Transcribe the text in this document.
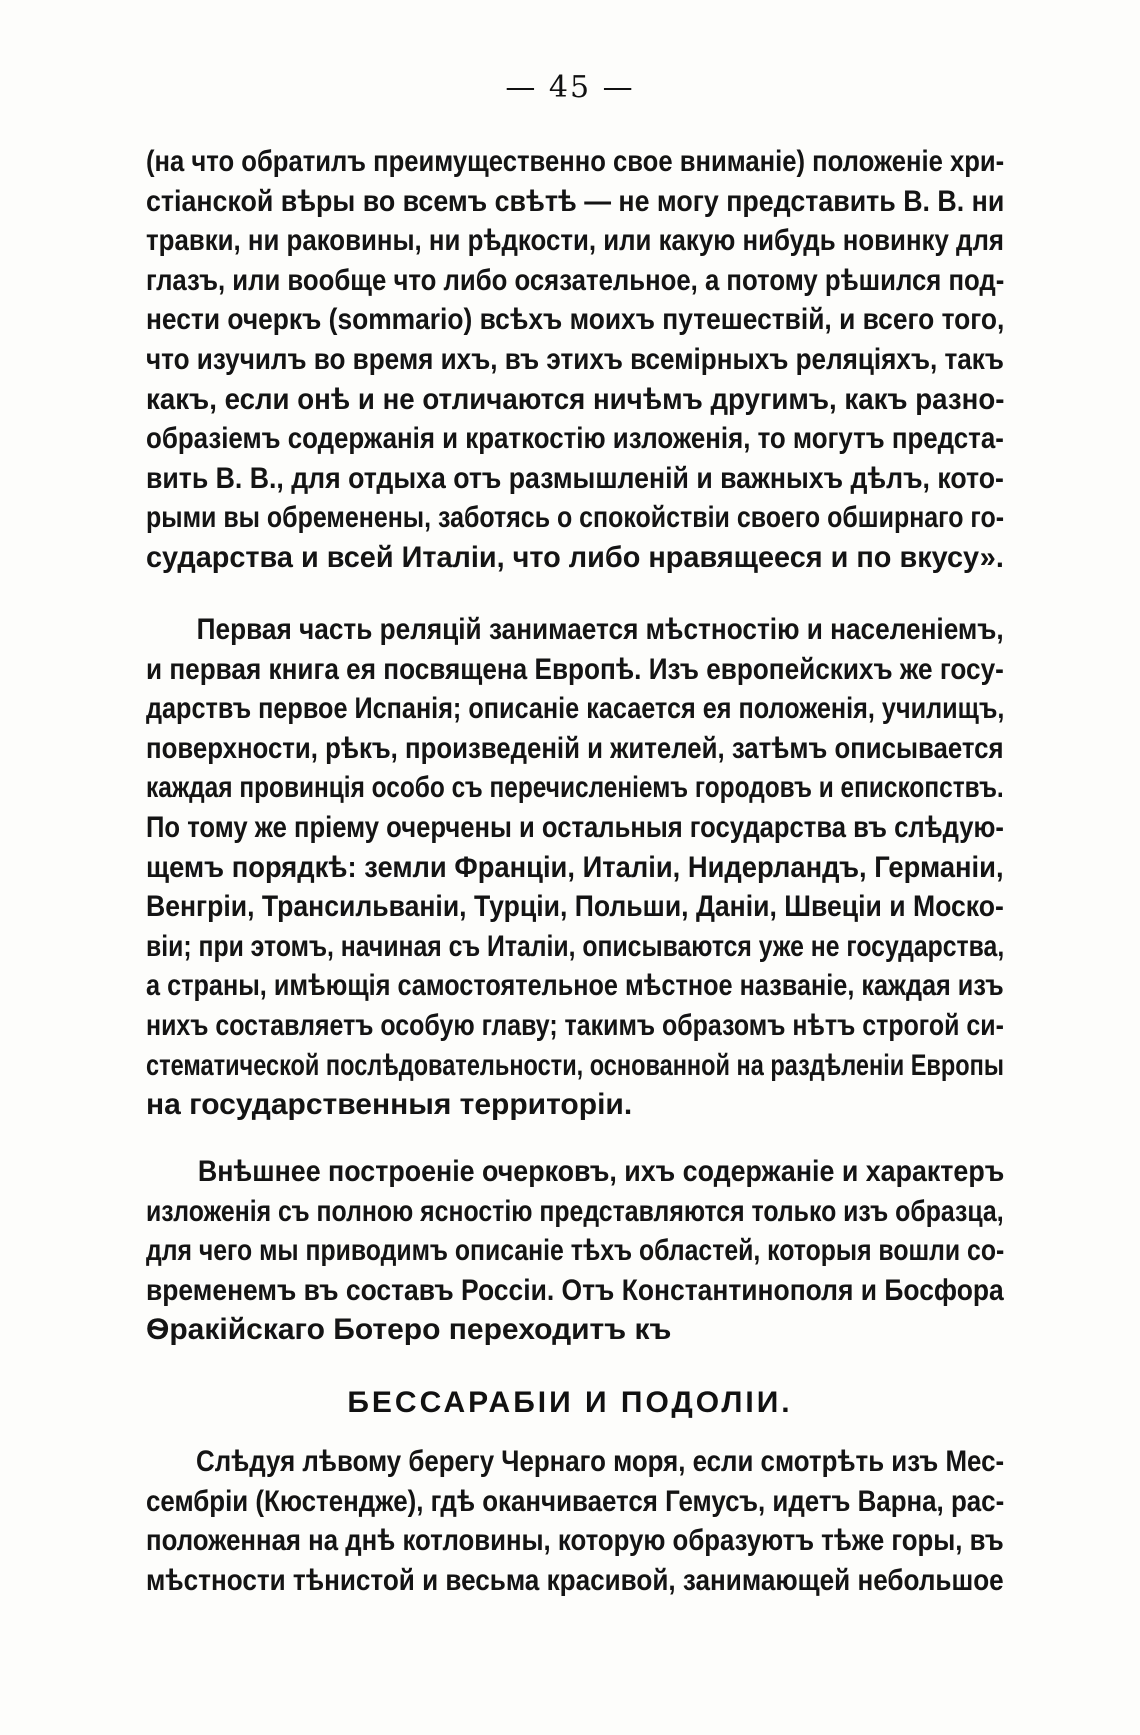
— 45 —
(на что обратилъ преимущественно свое вниманіе) положеніе хри-
стіанской вѣры во всемъ свѣтѣ — не могу представить В. В. ни
травки, ни раковины, ни рѣдкости, или какую нибудь новинку для
глазъ, или вообще что либо осязательное, а потому рѣшился под-
нести очеркъ (sommario) всѣхъ моихъ путешествій, и всего того,
что изучилъ во время ихъ, въ этихъ всемірныхъ реляціяхъ, такъ
какъ, если онѣ и не отличаются ничѣмъ другимъ, какъ разно-
образіемъ содержанія и краткостію изложенія, то могутъ предста-
вить В. В., для отдыха отъ размышленій и важныхъ дѣлъ, кото-
рыми вы обременены, заботясь о спокойствіи своего обширнаго го-
сударства и всей Италіи, что либо нравящееся и по вкусу».
Первая часть реляцій занимается мѣстностію и населеніемъ,
и первая книга ея посвящена Европѣ. Изъ европейскихъ же госу-
дарствъ первое Испанія; описаніе касается ея положенія, училищъ,
поверхности, рѣкъ, произведеній и жителей, затѣмъ описывается
каждая провинція особо съ перечисленіемъ городовъ и епископствъ.
По тому же пріему очерчены и остальныя государства въ слѣдую-
щемъ порядкѣ: земли Франціи, Италіи, Нидерландъ, Германіи,
Венгріи, Трансильваніи, Турціи, Польши, Даніи, Швеціи и Моско-
віи; при этомъ, начиная съ Италіи, описываются уже не государства,
а страны, имѣющія самостоятельное мѣстное названіе, каждая изъ
нихъ составляетъ особую главу; такимъ образомъ нѣтъ строгой си-
стематической послѣдовательности, основанной на раздѣленіи Европы
на государственныя территоріи.
Внѣшнее построеніе очерковъ, ихъ содержаніе и характеръ
изложенія съ полною ясностію представляются только изъ образца,
для чего мы приводимъ описаніе тѣхъ областей, которыя вошли со-
временемъ въ составъ Россіи. Отъ Константинополя и Босфора
Ѳракійскаго Ботеро переходитъ къ
БЕССАРАБІИ И ПОДОЛІИ.
Слѣдуя лѣвому берегу Чернаго моря, если смотрѣть изъ Мес-
сембріи (Кюстендже), гдѣ оканчивается Гемусъ, идетъ Варна, рас-
положенная на днѣ котловины, которую образуютъ тѣже горы, въ
мѣстности тѣнистой и весьма красивой, занимающей небольшое
